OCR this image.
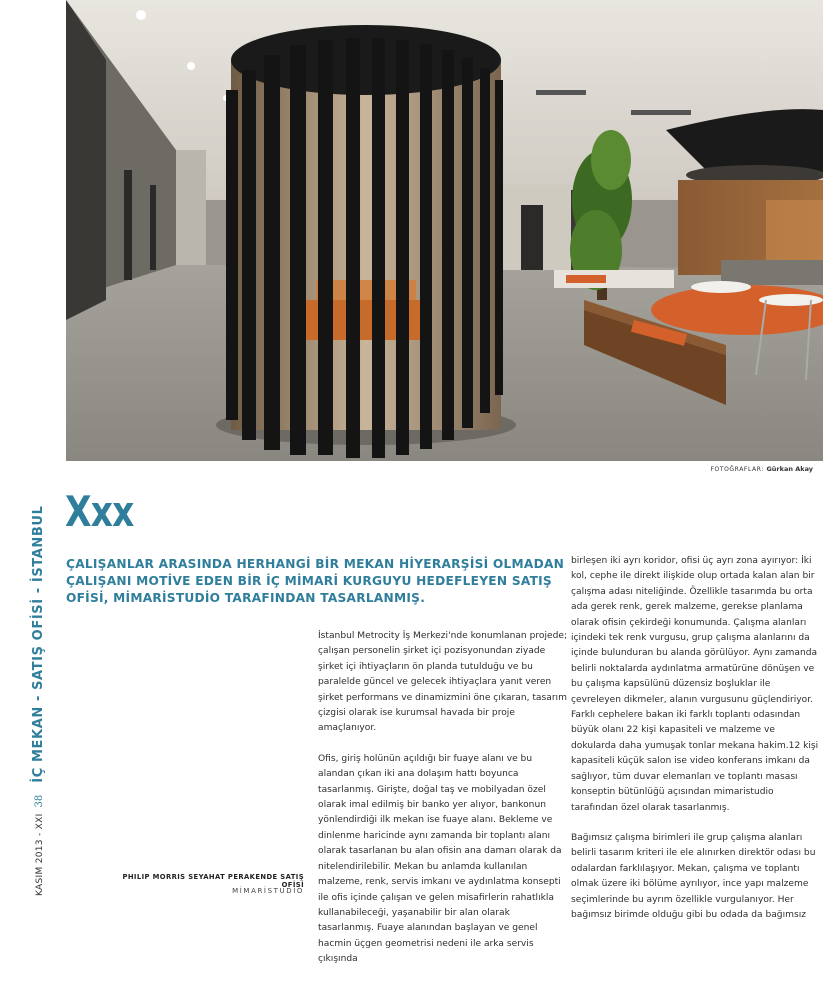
FOTOĞRAFLAR: Gürkan Akay
KASIM 2013 - XXI38İÇ MEKAN - SATIŞ OFİSİ - İSTANBUL Xxx
ÇALIŞANLAR ARASINDA HERHANGİ BİR MEKAN HİYERARŞİSİ OLMADAN ÇALIŞANI MOTİVE EDEN BİR İÇ MİMARİ KURGUYU HEDEFLEYEN SATIŞ OFİSİ, MİMARİSTUDİO TARAFINDAN TASARLANMIŞ.

İstanbul Metrocity İş Merkezi'nde konumlanan projede; çalışan personelin şirket içi pozisyonundan ziyade şirket içi ihtiyaçların ön planda tutulduğu ve bu paralelde güncel ve gelecek ihtiyaçlara yanıt veren şirket performans ve dinamizmini öne çıkaran, tasarım çizgisi olarak ise kurumsal havada bir proje amaçlanıyor.

Ofis, giriş holünün açıldığı bir fuaye alanı ve bu alandan çıkan iki ana dolaşım hattı boyunca tasarlanmış. Girişte, doğal taş ve mobilyadan özel olarak imal edilmiş bir banko yer alıyor, bankonun yönlendirdiği ilk mekan ise fuaye alanı. Bekleme ve dinlenme haricinde aynı zamanda bir toplantı alanı olarak tasarlanan bu alan ofisin ana damarı olarak da nitelendirilebilir. Mekan bu anlamda kullanılan malzeme, renk, servis imkanı ve aydınlatma konsepti ile ofis içinde çalışan ve gelen misafirlerin rahatlıkla kullanabileceği, yaşanabilir bir alan olarak tasarlanmış. Fuaye alanından başlayan ve genel hacmin üçgen geometrisi nedeni ile arka servis çıkışında

birleşen iki ayrı koridor, ofisi üç ayrı zona ayırıyor: İki kol, cephe ile direkt ilişkide olup ortada kalan alan bir çalışma adası niteliğinde. Özellikle tasarımda bu orta ada gerek renk, gerek malzeme, gerekse planlama olarak ofisin çekirdeği konumunda. Çalışma alanları içindeki tek renk vurgusu, grup çalışma alanlarını da içinde bulunduran bu alanda görülüyor. Aynı zamanda belirli noktalarda aydınlatma armatürüne dönüşen ve bu çalışma kapsülünü düzensiz boşluklar ile çevreleyen dikmeler, alanın vurgusunu güçlendiriyor. Farklı cephelere bakan iki farklı toplantı odasından büyük olanı 22 kişi kapasiteli ve malzeme ve dokularda daha yumuşak tonlar mekana hakim.12 kişi kapasiteli küçük salon ise video konferans imkanı da sağlıyor, tüm duvar elemanları ve toplantı masası konseptin bütünlüğü açısından mimaristudio tarafından özel olarak tasarlanmış.

Bağımsız çalışma birimleri ile grup çalışma alanları belirli tasarım kriteri ile ele alınırken direktör odası bu odalardan farklılaşıyor. Mekan, çalışma ve toplantı olmak üzere iki bölüme ayrılıyor, ince yapı malzeme seçimlerinde bu ayrım özellikle vurgulanıyor. Her bağımsız birimde olduğu gibi bu odada da bağımsız

PHILIP MORRIS SEYAHAT PERAKENDE SATIŞ OFİSİ
MİMARİSTUDİO
